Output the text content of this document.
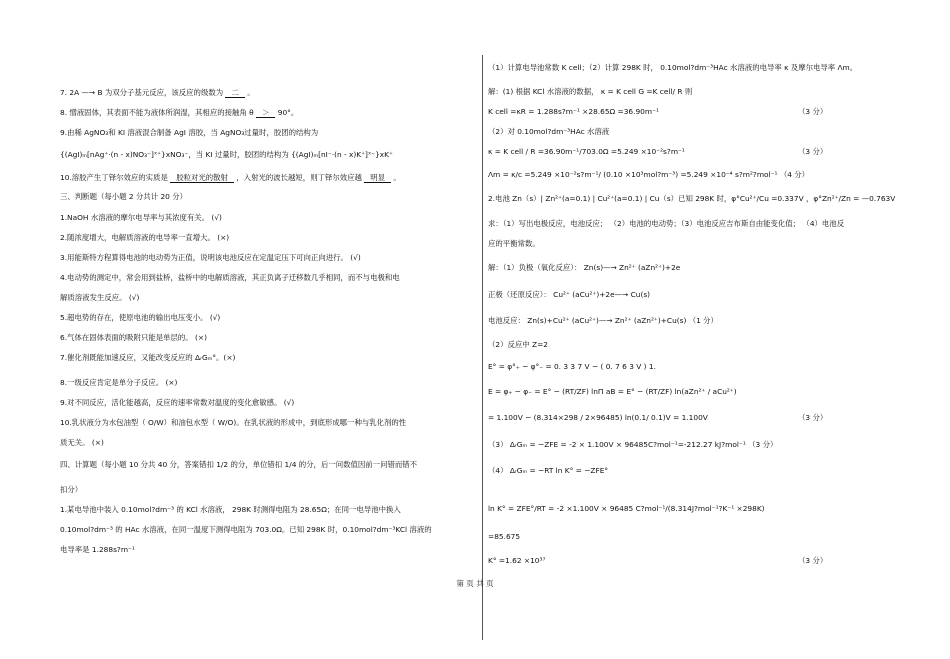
7. 2A —→ B 为双分子基元反应，该反应的级数为 二 。
8. 憎液固体，其表面不能为液体所润湿，其相应的接触角 θ ＞ 90°。
9.由稀 AgNO₃和 KI 溶液混合制备 AgI 溶胶，当 AgNO₃过量时，胶团的结构为
{(AgI)ₘ[nAg⁺·(n - x)NO₃⁻]ˣ⁺}xNO₃⁻，当 KI 过量时，胶团的结构为 {(AgI)ₘ[nI⁻·(n - x)K⁺]ˣ⁻}xK⁺
10.溶胶产生丁铎尔效应的实质是 胶粒对光的散射 ，入射光的波长越短，则丁铎尔效应越 明显 。
三、判断题（每小题 2 分共计 20 分）
1.NaOH 水溶液的摩尔电导率与其浓度有关。 (√)
2.随浓度增大，电解质溶液的电导率一直增大。 (×)
3.用能斯特方程算得电池的电动势为正值，说明该电池反应在定温定压下可向正向进行。 (√)
4.电动势的测定中，常会用到盐桥，盐桥中的电解质溶液，其正负离子迁移数几乎相同，而不与电极和电
解质溶液发生反应。 (√)
5.超电势的存在，使原电池的输出电压变小。 (√)
6.气体在固体表面的吸附只能是单层的。 (×)
7.催化剂既能加速反应，又能改变反应的 ΔᵣGₘ°。(×)
8.一级反应肯定是单分子反应。 (×)
9.对不同反应，活化能越高，反应的速率常数对温度的变化愈敏感。 (√)
10.乳状液分为水包油型（ O/W）和油包水型（ W/O)。在乳状液的形成中，到底形成哪一种与乳化剂的性
质无关。 (×)
四、计算题（每小题 10 分共 40 分，答案错扣 1/2 的分，单位错扣 1/4 的分，后一问数值因前一问错而错不
扣分）
1.某电导池中装入 0.10mol?dm⁻³ 的 KCl 水溶液， 298K 时测得电阻为 28.65Ω；在同一电导池中换入
0.10mol?dm⁻³ 的 HAc 水溶液，在同一温度下测得电阻为 703.0Ω。已知 298K 时，0.10mol?dm⁻³KCl 溶液的
电导率是 1.288s?m⁻¹
（1）计算电导池常数 K cell；（2）计算 298K 时， 0.10mol?dm⁻³HAc 水溶液的电导率 κ 及摩尔电导率 Λm。
解：(1) 根据 KCl 水溶液的数据， κ = K cell G =K cell/ R 则
K cell =κR = 1.288s?m⁻¹ ×28.65Ω =36.90m⁻¹	（3 分）
（2）对 0.10mol?dm⁻³HAc 水溶液
κ = K cell / R =36.90m⁻¹/703.0Ω =5.249 ×10⁻²s?m⁻¹	（3 分）
Λm = κ/c =5.249 ×10⁻²s?m⁻¹/ (0.10 ×10³mol?m⁻³) =5.249 ×10⁻⁴ s?m²?mol⁻¹ （4 分）
2.电池 Zn（s）| Zn²⁺(a=0.1) | Cu²⁺(a=0.1) | Cu（s）已知 298K 时，φ°Cu²⁺/Cu =0.337V ，φ°Zn²⁺/Zn = —0.763V
求：（1）写出电极反应，电池反应； （2）电池的电动势；（3）电池反应吉布斯自由能变化值； （4）电池反
应的平衡常数。
解：（1）负极（氧化反应）： Zn(s)—→ Zn²⁺ (aZn²⁺)+2e
正极（还原反应）： Cu²⁺ (aCu²⁺)+2e—→ Cu(s)
电池反应： Zn(s)+Cu²⁺ (aCu²⁺)—→ Zn²⁺ (aZn²⁺)+Cu(s) （1 分）
（2）反应中 Z=2
E° = φ°₊ − φ°₋ = 0. 3 3 7 V − ( 0. 7 6 3 V ) 1.
E = φ₊ − φ₋ = E° − (RT/ZF) lnΠ aB = E° − (RT/ZF) ln(aZn²⁺ / aCu²⁺)
= 1.100V − (8.314×298 / 2×96485) ln(0.1/ 0.1)V = 1.100V	（3 分）
（3） ΔᵣGₘ = −ZFE = -2 × 1.100V × 96485C?mol⁻¹=-212.27 kJ?mol⁻¹ （3 分）
（4） ΔᵣGₘ = −RT ln K° = −ZFE°
ln K° = ZFE°/RT = -2 ×1.100V × 96485 C?mol⁻¹/(8.314J?mol⁻¹?K⁻¹ ×298K)
=85.675
K° =1.62 ×10³⁷	（3 分）
第 页 共 页
